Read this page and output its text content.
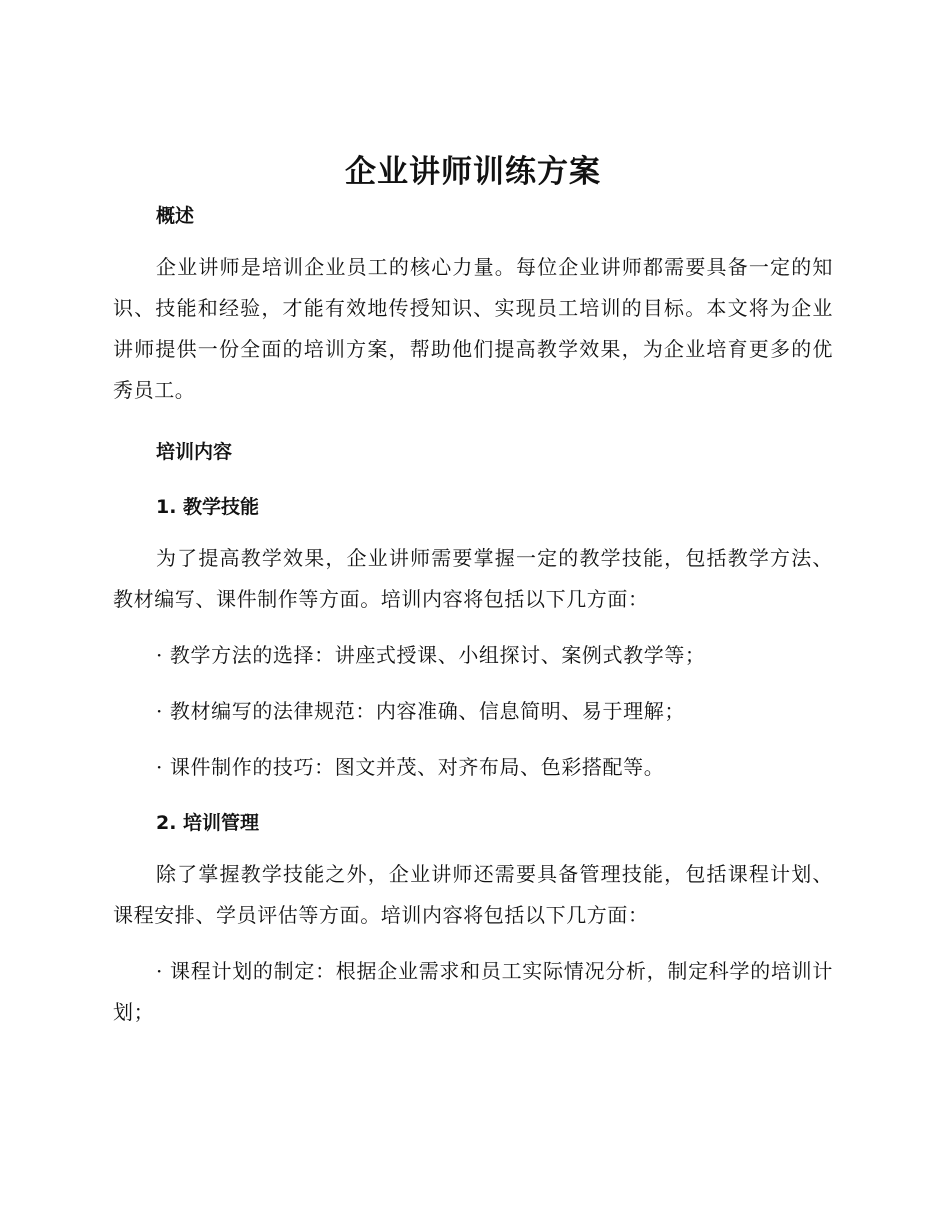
企业讲师训练方案
概述

企业讲师是培训企业员工的核心力量。每位企业讲师都需要具备一定的知识、技能和经验，才能有效地传授知识、实现员工培训的目标。本文将为企业讲师提供一份全面的培训方案，帮助他们提高教学效果，为企业培育更多的优秀员工。

培训内容
1. 教学技能

为了提高教学效果，企业讲师需要掌握一定的教学技能，包括教学方法、教材编写、课件制作等方面。培训内容将包括以下几方面：

· 教学方法的选择：讲座式授课、小组探讨、案例式教学等；

· 教材编写的法律规范：内容准确、信息简明、易于理解；

· 课件制作的技巧：图文并茂、对齐布局、色彩搭配等。

2. 培训管理

除了掌握教学技能之外，企业讲师还需要具备管理技能，包括课程计划、课程安排、学员评估等方面。培训内容将包括以下几方面：

· 课程计划的制定：根据企业需求和员工实际情况分析，制定科学的培训计划；
